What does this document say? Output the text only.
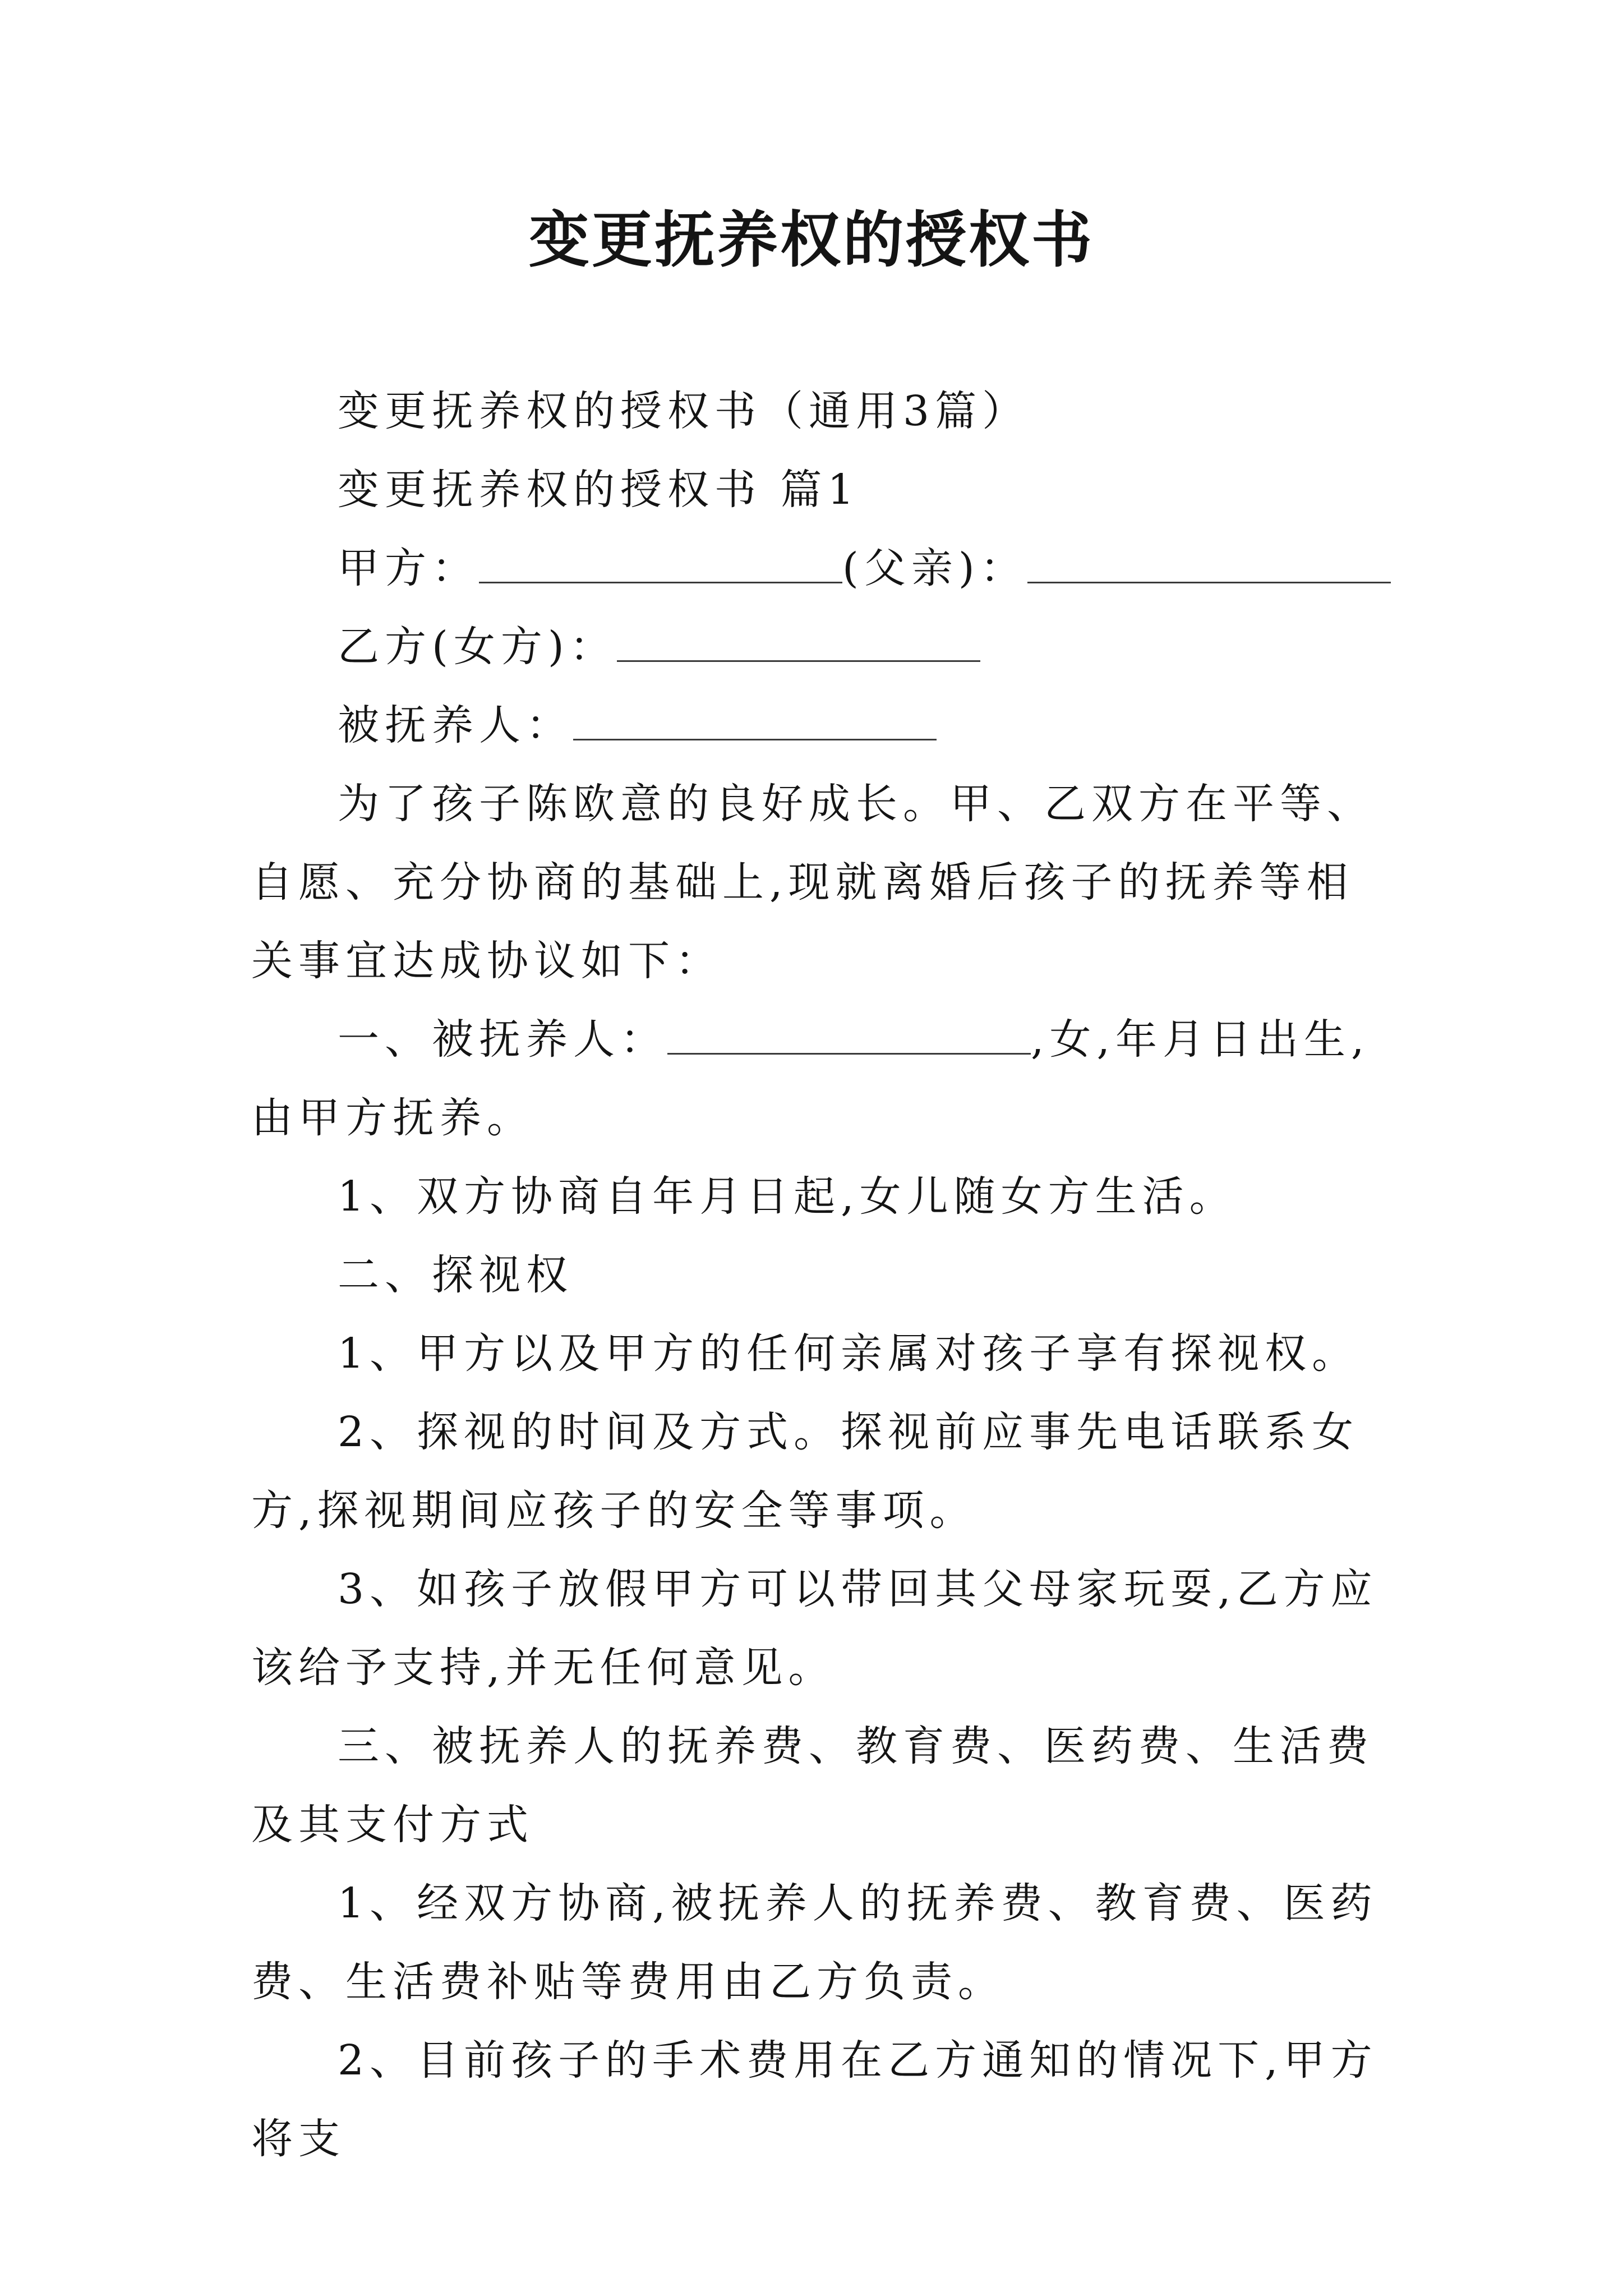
变更抚养权的授权书

变更抚养权的授权书（通用3篇）

变更抚养权的授权书 篇1

甲方：	(父亲)：

乙方(女方)：

被抚养人：

为了孩子陈欧意的良好成长。甲、乙双方在平等、自愿、充分协商的基础上,现就离婚后孩子的抚养等相关事宜达成协议如下：

一、被抚养人：	,女,年月日出生,由甲方抚养。

1、双方协商自年月日起,女儿随女方生活。

二、探视权

1、甲方以及甲方的任何亲属对孩子享有探视权。

2、探视的时间及方式。探视前应事先电话联系女方,探视期间应孩子的安全等事项。

3、如孩子放假甲方可以带回其父母家玩耍,乙方应该给予支持,并无任何意见。

三、被抚养人的抚养费、教育费、医药费、生活费及其支付方式

1、经双方协商,被抚养人的抚养费、教育费、医药费、生活费补贴等费用由乙方负责。

2、目前孩子的手术费用在乙方通知的情况下,甲方将支
